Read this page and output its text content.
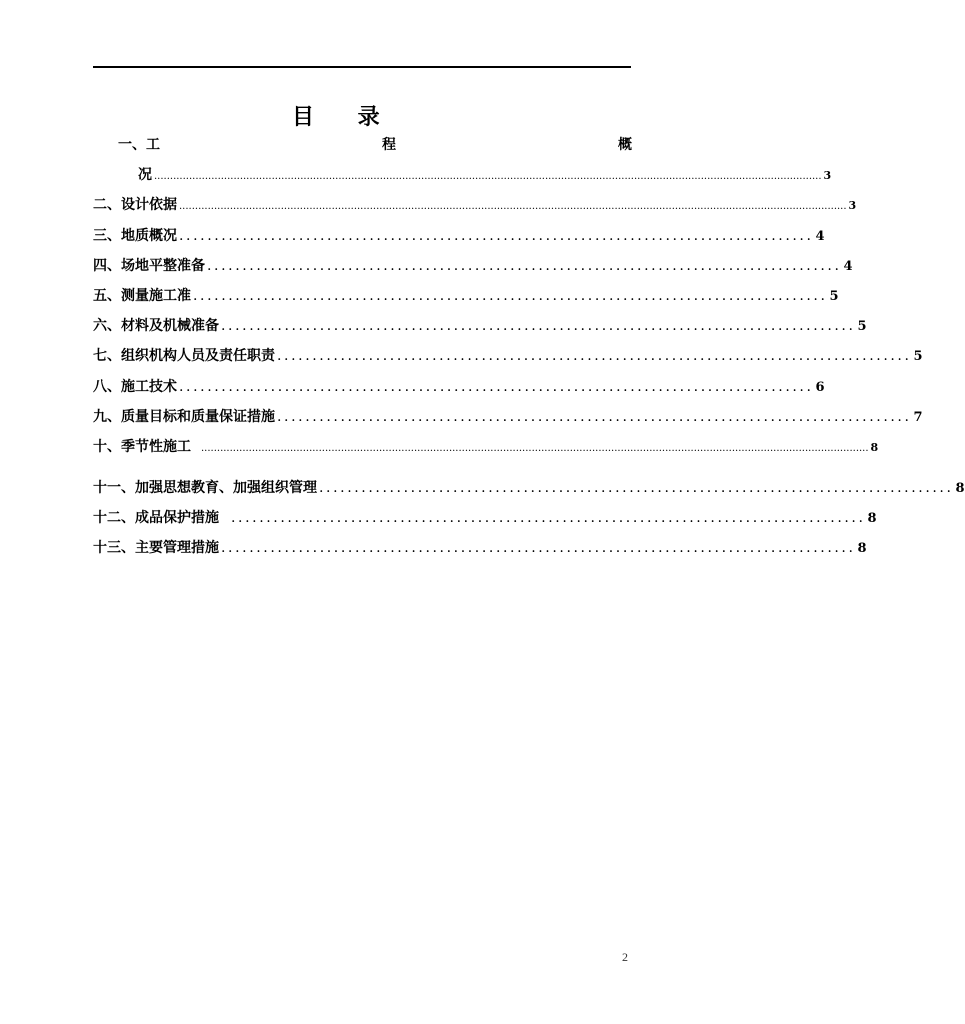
目 录
一、工	程	概
况 .................................................................................................................................................................................................................. 3
二、设计依据 .................................................................................................................................................................................................................. 3
三、地质概况 .......................................................................................... 4
四、场地平整准备 .......................................................................................... 4
五、测量施工准 .......................................................................................... 5
六、材料及机械准备 .......................................................................................... 5
七、组织机构人员及责任职责 .......................................................................................... 5
八、施工技术 .......................................................................................... 6
九、质量目标和质量保证措施 .......................................................................................... 7
十、季节性施工 .................................................................................................................................................................................................................. 8
十一、加强思想教育、加强组织管理 .......................................................................................... 8
十二、成品保护措施 .......................................................................................... 8
十三、主要管理措施 .......................................................................................... 8
2
